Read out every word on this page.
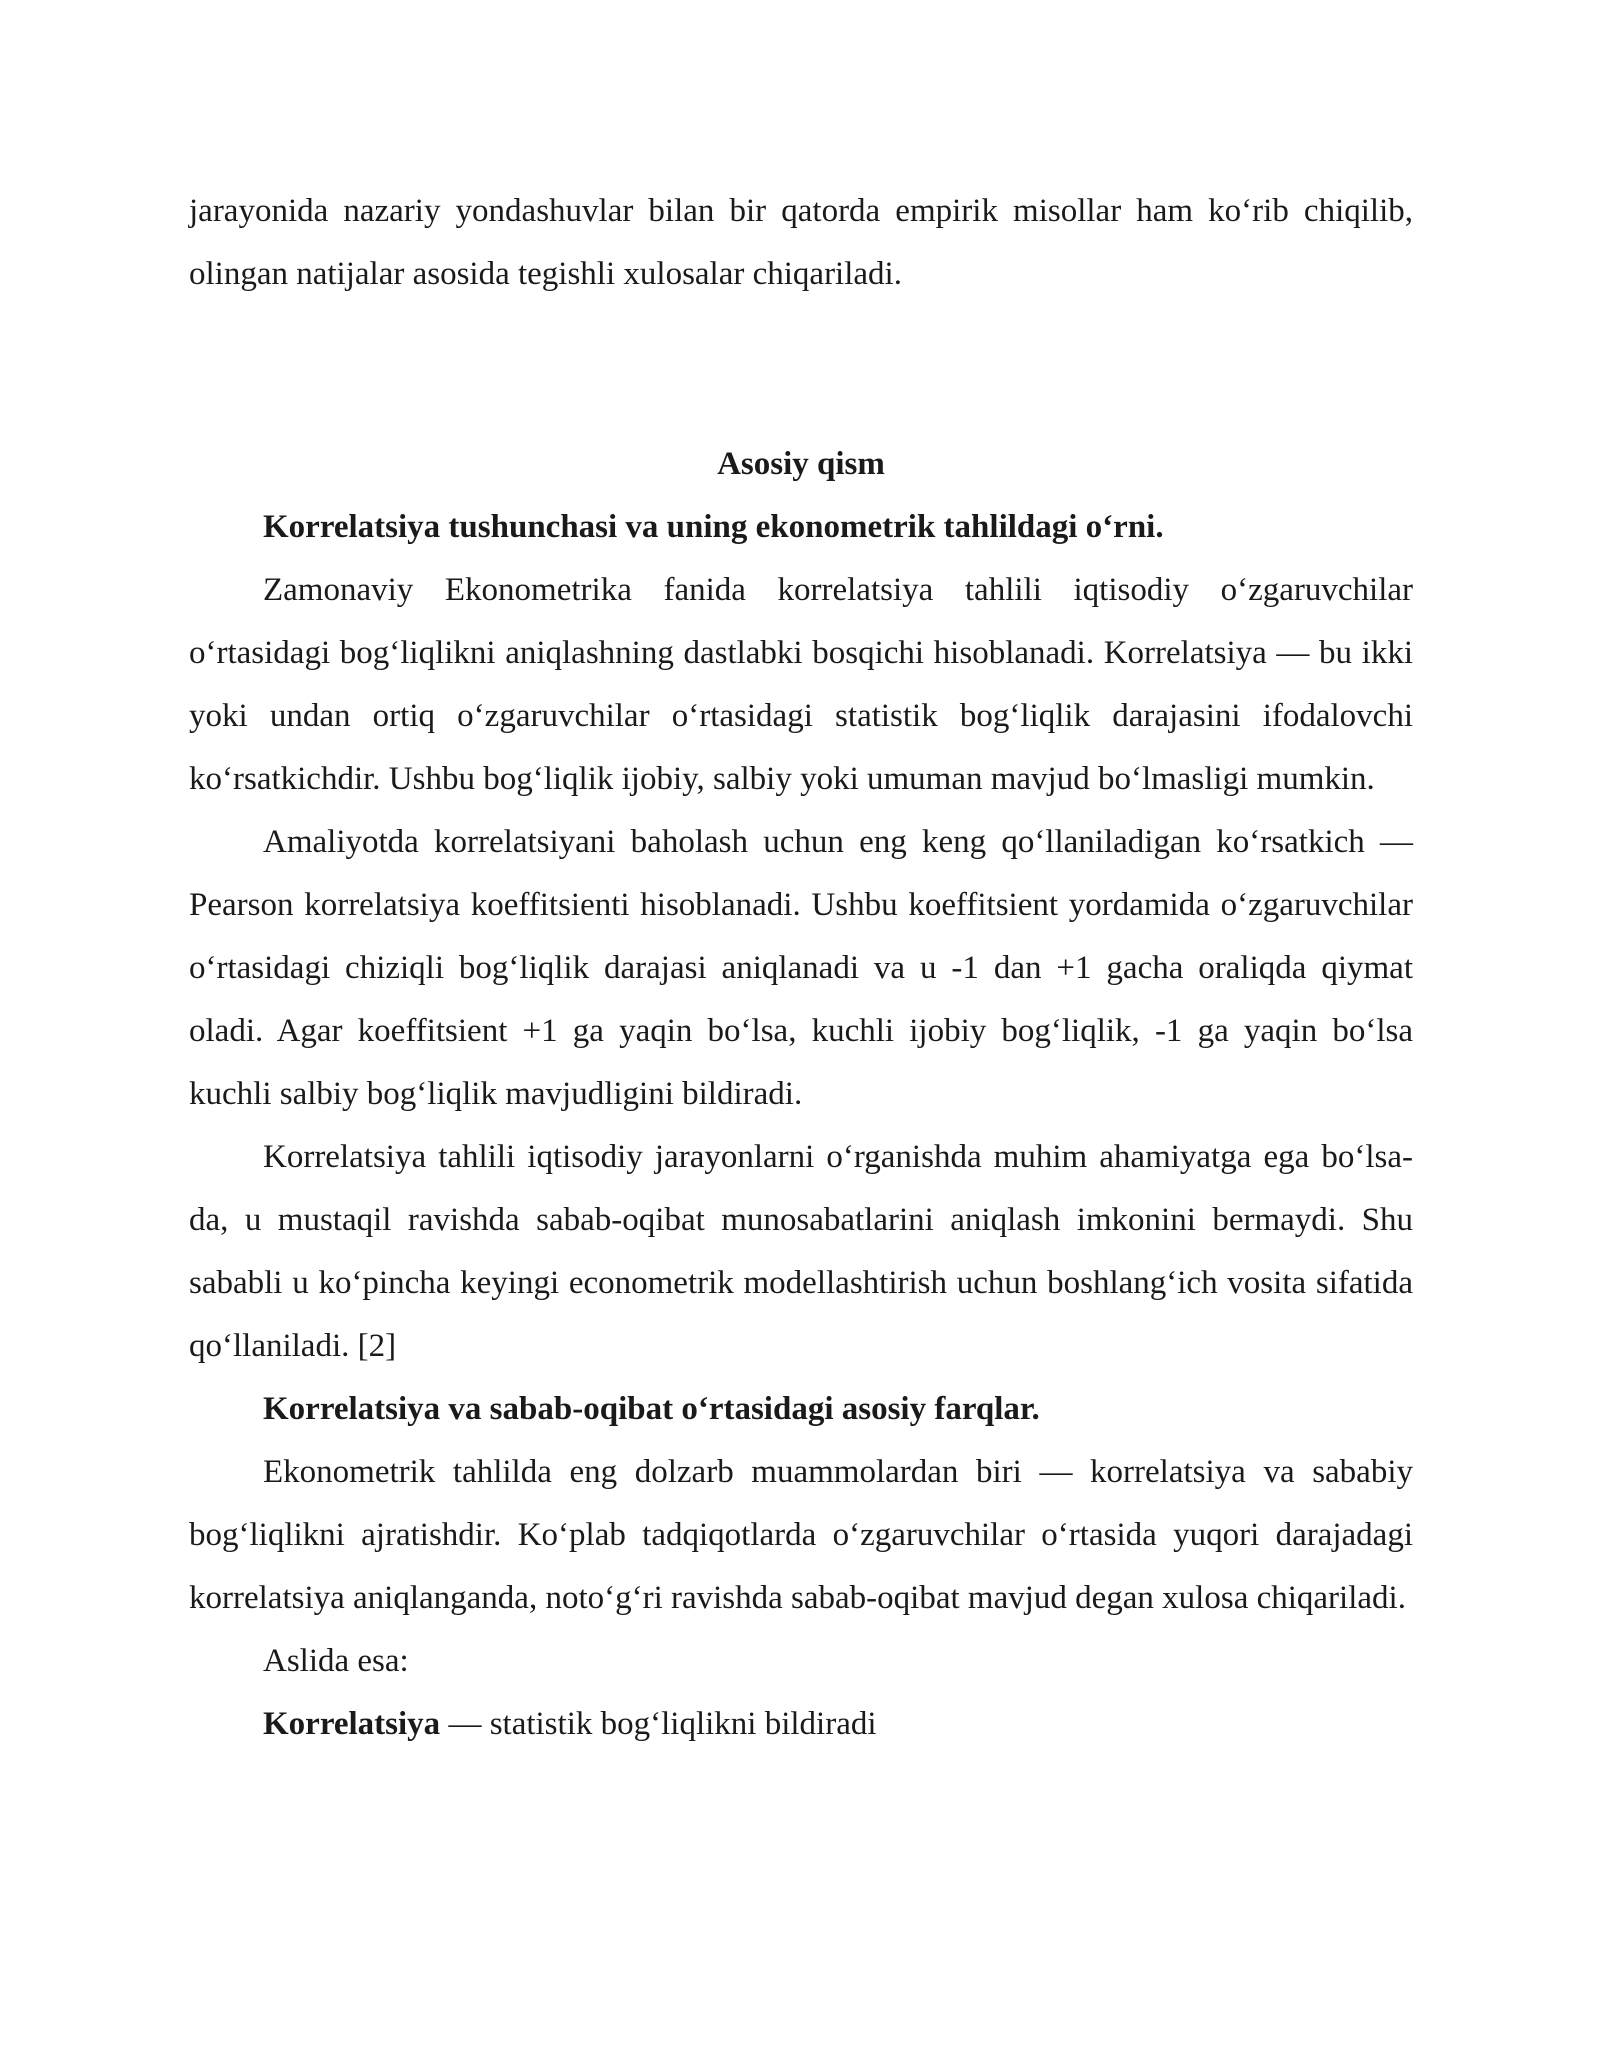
jarayonida nazariy yondashuvlar bilan bir qatorda empirik misollar ham ko‘rib chiqilib, olingan natijalar asosida tegishli xulosalar chiqariladi.

Asosiy qism

Korrelatsiya tushunchasi va uning ekonometrik tahlildagi o‘rni.

Zamonaviy Ekonometrika fanida korrelatsiya tahlili iqtisodiy o‘zgaruvchilar o‘rtasidagi bog‘liqlikni aniqlashning dastlabki bosqichi hisoblanadi. Korrelatsiya — bu ikki yoki undan ortiq o‘zgaruvchilar o‘rtasidagi statistik bog‘liqlik darajasini ifodalovchi ko‘rsatkichdir. Ushbu bog‘liqlik ijobiy, salbiy yoki umuman mavjud bo‘lmasligi mumkin.

Amaliyotda korrelatsiyani baholash uchun eng keng qo‘llaniladigan ko‘rsatkich — Pearson korrelatsiya koeffitsienti hisoblanadi. Ushbu koeffitsient yordamida o‘zgaruvchilar o‘rtasidagi chiziqli bog‘liqlik darajasi aniqlanadi va u -1 dan +1 gacha oraliqda qiymat oladi. Agar koeffitsient +1 ga yaqin bo‘lsa, kuchli ijobiy bog‘liqlik, -1 ga yaqin bo‘lsa kuchli salbiy bog‘liqlik mavjudligini bildiradi.

Korrelatsiya tahlili iqtisodiy jarayonlarni o‘rganishda muhim ahamiyatga ega bo‘lsa-da, u mustaqil ravishda sabab-oqibat munosabatlarini aniqlash imkonini bermaydi. Shu sababli u ko‘pincha keyingi econometrik modellashtirish uchun boshlang‘ich vosita sifatida qo‘llaniladi. [2]

Korrelatsiya va sabab-oqibat o‘rtasidagi asosiy farqlar.

Ekonometrik tahlilda eng dolzarb muammolardan biri — korrelatsiya va sababiy bog‘liqlikni ajratishdir. Ko‘plab tadqiqotlarda o‘zgaruvchilar o‘rtasida yuqori darajadagi korrelatsiya aniqlanganda, noto‘g‘ri ravishda sabab-oqibat mavjud degan xulosa chiqariladi.

Aslida esa:

Korrelatsiya — statistik bog‘liqlikni bildiradi
